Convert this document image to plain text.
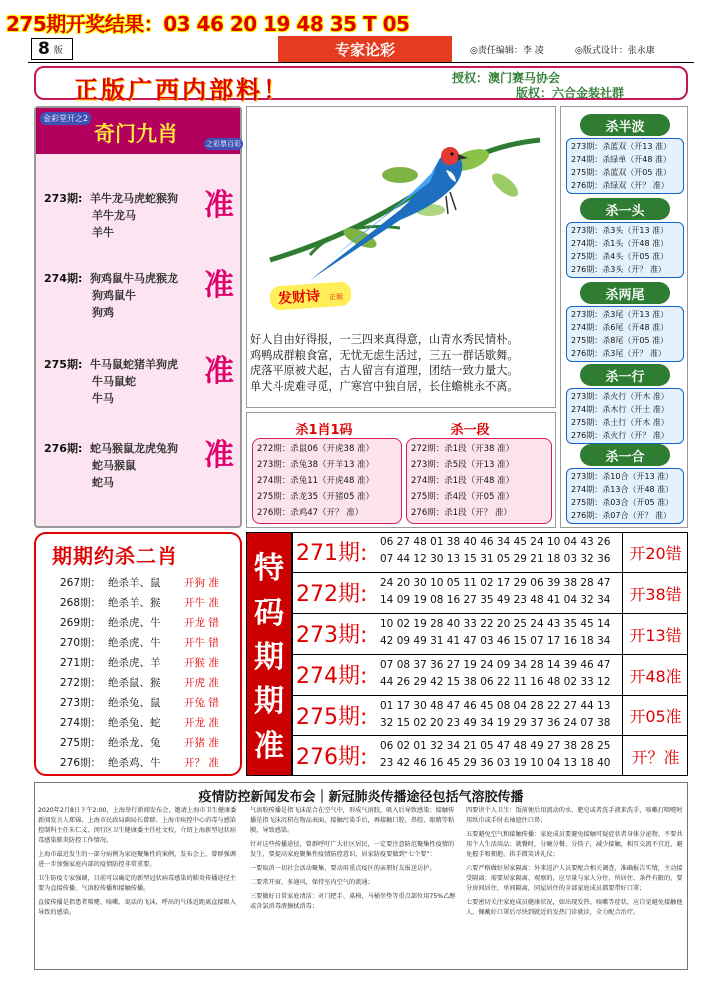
275期开奖结果：03 46 20 19 48 35 T 05
8 版	专家论彩	◎责任编辑：李 凌	◎版式设计：张永康
正版广西内部料！	授权：澳门赛马协会
版权：六合金装社群
金彩堂开之2
奇门九肖	之彩票百彩
273期: 羊牛龙马虎蛇猴狗
羊牛龙马
羊牛
准
274期: 狗鸡鼠牛马虎猴龙
狗鸡鼠牛
狗鸡
准
275期: 牛马鼠蛇猪羊狗虎
牛马鼠蛇
牛马
准
276期: 蛇马猴鼠龙虎兔狗
蛇马猴鼠
蛇马
准
发财诗 正版
好人自由好得报，一三四来真得意，山青水秀民情朴。
鸡鸭成群粮食富，无忧无虑生活过，三五一群话歇舞。
虎落平原被犬起，古人留言有道理，团结一致力量大。
单犬斗虎难寻觅，广寒宫中独自居，长住蟾桃永不离。
杀1肖1码
272期：杀鼠06（开虎38 准）
273期：杀兔38（开羊13 准）
274期：杀兔11（开虎48 准）
275期：杀龙35（开猪05 准）
276期：杀鸡47（开？ 准）
杀一段
272期：杀1段（开38 准）
273期：杀5段（开13 准）
274期：杀1段（开48 准）
275期：杀4段（开05 准）
276期：杀1段（开？ 准）
杀半波
273期：杀蓝双（开13 准）
274期：杀绿单（开48 准）
275期：杀蓝双（开05 准）
276期：杀绿双（开？ 准）
杀一头
273期：杀3头（开13 准）
274期：杀1头（开48 准）
275期：杀4头（开05 准）
276期：杀3头（开？ 准）
杀两尾
273期：杀3尾（开13 准）
274期：杀6尾（开48 准）
275期：杀8尾（开05 准）
276期：杀3尾（开？ 准）
杀一行
273期：杀火行（开木 准）
274期：杀木行（开土 准）
275期：杀土行（开木 准）
276期：杀火行（开？ 准）
杀一合
273期：杀10合（开13 准）
274期：杀13合（开48 准）
275期：杀03合（开05 准）
276期：杀07合（开？ 准）
期期约杀二肖
267期： 绝杀羊、鼠	开狗 准
268期： 绝杀羊、猴	开牛 准
269期： 绝杀虎、牛	开龙 错
270期： 绝杀虎、牛	开牛 错
271期： 绝杀虎、羊	开猴 准
272期： 绝杀鼠、猴	开虎 准
273期： 绝杀兔、鼠	开兔 错
274期： 绝杀兔、蛇	开龙 准
275期： 绝杀龙、兔	开猪 准
276期： 绝杀鸡、牛	开？ 准
特
码
期
期
准
271期: 06 27 48 01 38 40 46 34 45 24 10 04 43 26
07 44 12 30 13 15 31 05 29 21 18 03 32 36	开20错
272期: 24 20 30 10 05 11 02 17 29 06 39 38 28 47
14 09 19 08 16 27 35 49 23 48 41 04 32 34	开38错
273期: 10 02 19 28 40 33 22 20 25 24 43 35 45 14
42 09 49 31 41 47 03 46 15 07 17 16 18 34	开13错
274期: 07 08 37 36 27 19 24 09 34 28 14 39 46 47
44 26 29 42 15 38 06 22 11 16 48 02 33 12	开48准
275期: 01 17 30 48 47 46 45 08 04 28 22 27 44 13
32 15 02 20 23 49 34 19 29 37 36 24 07 38	开05准
276期: 06 02 01 32 34 21 05 47 48 49 27 38 28 25
23 42 46 16 45 29 36 03 19 10 04 13 18 40	开？准
疫情防控新闻发布会｜新冠肺炎传播途径包括气溶胶传播

2020年2月8日下午2:00，上海举行新闻发布会，邀请上海市卫生健康委新闻发言人郑锦、上海市民政局副局长曾群、上海市疾控中心消毒与感染控制科主任朱仁义、闵行区卫生健康委主任杜文校，介绍上海新型冠状病毒感染肺炎防控工作情况。

上海市最近发生的一部分病例为家庭聚集性的案例，发布会上，曾群强调进一步加强家庭内部的疫情防控非常重要。

卫生防疫专家强调，目前可以确定的新型冠状病毒感染的肺炎传播途径主要为直接传播、气溶胶传播和接触传播。

直接传播是指患者喷嚏、咳嗽、说话的飞沫，呼出的气体近距离直接吸入导致的感染。

气溶胶传播是指飞沫混合在空气中，形成气溶胶，吸入后导致感染；接触传播是指飞沫沉积在物品表面，接触污染手后，再接触口腔、鼻腔、眼睛等粘膜，导致感染。

针对这些传播途径，曾群呼吁广大社区居民，一定要注意防范聚集性疫情的发生，要提高家庭聚集性疫情防控意识，居家防疫要做到“七个要”：

一要取消一切社会活动聚集，要动用重点疫区的亲朋好友报送访护。

二要常开窗，多通风，保持室内空气的流通；

三要做好日常家庭清洁：对门把手、桌椅、马桶坐垫等重点部位用75%乙醇或含氯消毒液擦拭消毒；

四要讲个人卫生：饭前便后用流动的水、肥皂或者洗手液来洗手，咳嗽打喷嚏时用纸巾或手肘衣袖遮住口鼻；

五要避免空气和接触传播：家庭成员要避免接触可疑症状者身体分泌物、不要共用个人生活用品；就餐时，分碗分餐、分筷子，减少接触，相互交流不宜近，避免握手和拥抱，拱手微笑讲礼仪；

六要严格做好居家隔离：外来返沪人员要配合相关调查，准确报告实情，主动接受隔离；需要居家隔离、观察的，应尽量与家人分住，所居住、条件有限的，要分房间居住，单间隔离，同屋居住的全部家庭成员都要带好口罩；

七要密切关注家庭成员健康状况，如出现发热、咳嗽等症状，应自觉避免接触他人，佩戴好口罩后尽快到就近的发热门诊就诊，全力配合治疗。
